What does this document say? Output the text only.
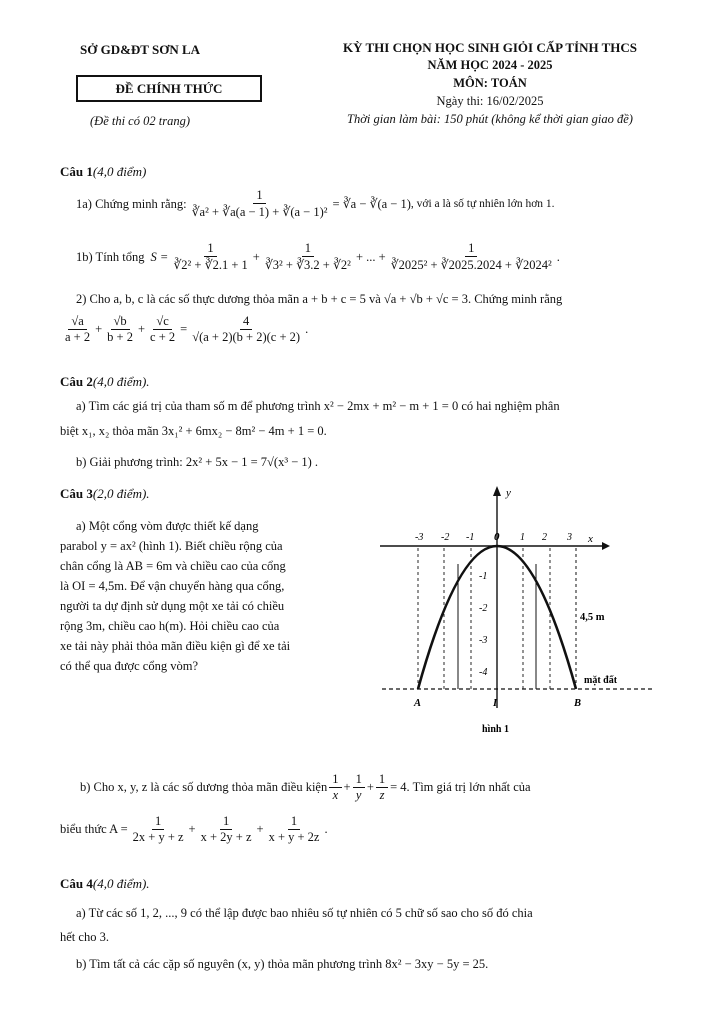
SỞ GD&ĐT SƠN LA
ĐỀ CHÍNH THỨC
(Đề thi có 02 trang)
KỲ THI CHỌN HỌC SINH GIỎI CẤP TỈNH THCS
NĂM HỌC 2024 - 2025
MÔN: TOÁN
Ngày thi: 16/02/2025
Thời gian làm bài: 150 phút (không kể thời gian giao đề)
Câu 1(4,0 điểm)
1a) Chứng minh rằng: $\frac{1}{\text{∛a² + ∛a(a − 1) + ∛(a − 1)²}}$ = ∛a − ∛(a − 1) , với a là số tự nhiên lớn hơn 1.
1b) Tính tổng $S = \frac{1}{\text{∛2² + ∛2.1 + 1}} + \frac{1}{\text{∛3² + ∛3.2 + ∛2²}}$ + ... + $\frac{1}{\text{∛2025² + ∛2025.2024 + ∛2024²}}$ .
2) Cho a, b, c là các số thực dương thỏa mãn a + b + c = 5 và √a + √b + √c = 3. Chứng minh rằng
$\frac{√a}{a + 2} + \frac{√b}{b + 2} + \frac{√c}{c + 2} = \frac{4}{√(a + 2)(b + 2)(c + 2)}$ .
Câu 2(4,0 điểm).
a) Tìm các giá trị của tham số m để phương trình x² − 2mx + m² − m + 1 = 0 có hai nghiệm phân
biệt x₁, x₂ thỏa mãn 3x₁² + 6mx₂ − 8m² − 4m + 1 = 0.
b) Giải phương trình: 2x² + 5x − 1 = 7√(x³ − 1) .
Câu 3(2,0 điểm).
a) Một cổng vòm được thiết kế dạng
parabol y = ax² (hình 1). Biết chiều rộng của
chân cổng là AB = 6m và chiều cao của cổng
là OI = 4,5m. Để vận chuyển hàng qua cổng,
người ta dự định sử dụng một xe tải có chiều
rộng 3m, chiều cao h(m). Hỏi chiều cao của
xe tải này phải thỏa mãn điều kiện gì để xe tải
có thể qua được cổng vòm?
y
x
-3 -2 -1 0 1 2 3
-1
-2
-3
-4
4,5 m
mặt đất
A	I	B
hình 1
b) Cho x, y, z là các số dương thỏa mãn điều kiện $\frac{1}{x} + \frac{1}{y} + \frac{1}{z} = 4$. Tìm giá trị lớn nhất của
biểu thức $A = \frac{1}{2x + y + z} + \frac{1}{x + 2y + z} + \frac{1}{x + y + 2z}$ .
Câu 4(4,0 điểm).
a) Từ các số 1, 2, ..., 9 có thể lập được bao nhiêu số tự nhiên có 5 chữ số sao cho số đó chia
hết cho 3.
b) Tìm tất cả các cặp số nguyên (x, y) thỏa mãn phương trình 8x² − 3xy − 5y = 25.
